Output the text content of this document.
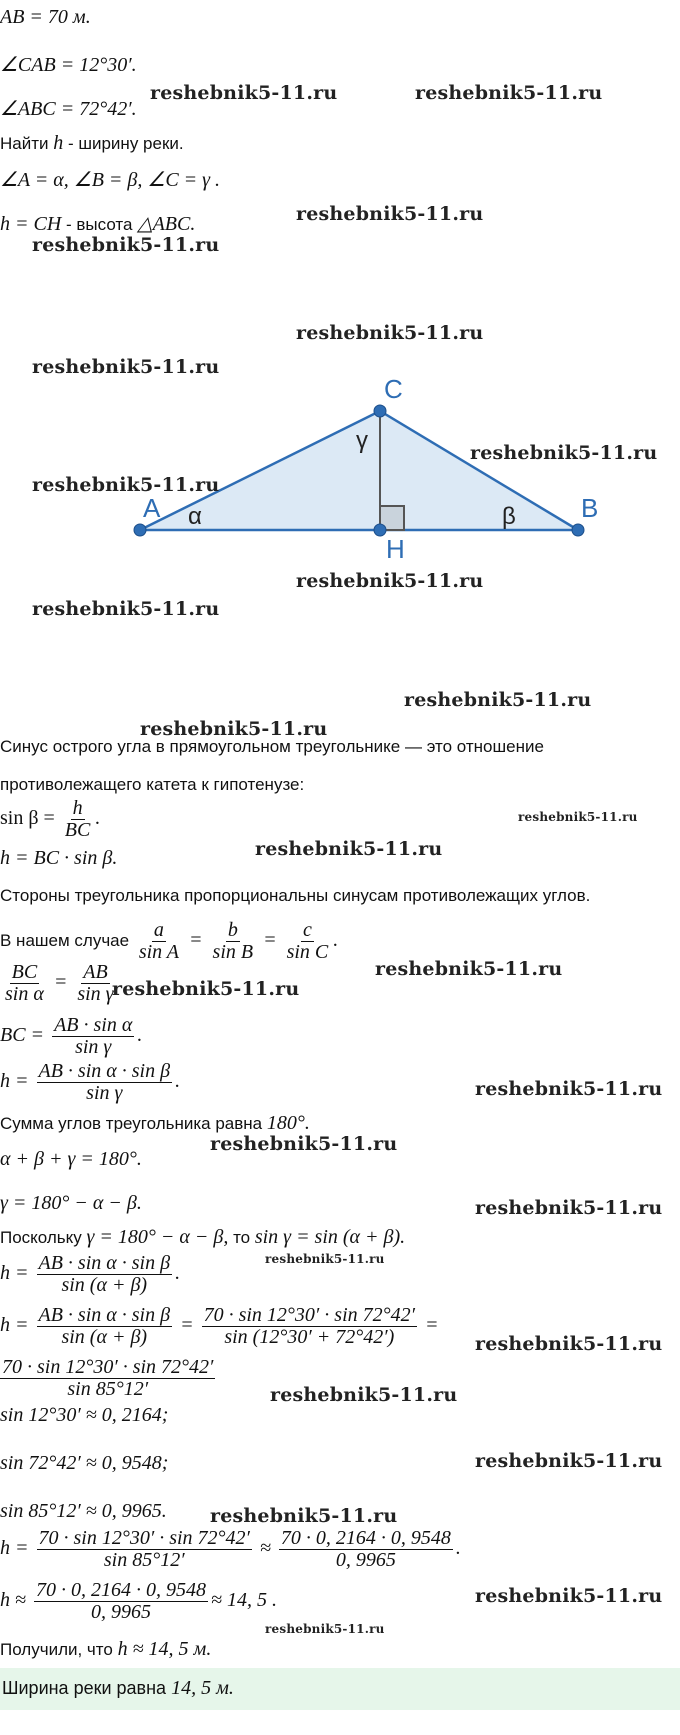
AB = 70 м.
∠CAB = 12°30′.
∠ABC = 72°42′.
Найти h - ширину реки.
∠A = α, ∠B = β, ∠C = γ .
h = CH - высота △ABC.
A	B
C
H
α	β
γ
Синус острого угла в прямоугольном треугольнике — это отношение
противолежащего катета к гипотенузе:
$\sin \beta = \frac{h}{BC}$ .
h = BC · sin β.
Стороны треугольника пропорциональны синусам противолежащих углов.
В нашем случае $\frac{a}{\text{sin A}} = \frac{b}{\text{sin B}} = \frac{c}{\text{sin C}}$ .
$\frac{BC}{\text{sin α}} = \frac{AB}{\text{sin γ}}$
BC = $\frac{\text{AB · sin α}}{\text{sin γ}}$ .
$h = \frac{\text{AB · sin α · sin β}}{\text{sin γ}}$ .
Сумма углов треугольника равна 180°.
α + β + γ = 180°.
γ = 180° − α − β.
Поскольку γ = 180° − α − β, то sin γ = sin (α + β).
$h = \frac{\text{AB · sin α · sin β}}{\sin (\alpha + \beta)}$ .
$h = \frac{\text{AB · sin α · sin β}}{\sin (\alpha + \beta)} = \frac{70 \cdot \sin 12^\circ 30' \cdot \sin 72^\circ 42'}{\sin (12^\circ 30' + 72^\circ 42')}$ =
$\frac{70 \cdot \sin 12^\circ 30' \cdot \sin 72^\circ 42'}{\sin 85^\circ 12'}$
sin 12°30′ ≈ 0, 2164;
sin 72°42′ ≈ 0, 9548;
sin 85°12′ ≈ 0, 9965.
$h = \frac{70 \cdot \sin 12^\circ 30' \cdot \sin 72^\circ 42'}{\sin 85^\circ 12'} \approx \frac{70 \cdot 0, 2164 \cdot 0, 9548}{0, 9965}$ .
$h \approx \frac{70 \cdot 0, 2164 \cdot 0, 9548}{0, 9965} \approx 14$, 5 .
Получили, что h ≈ 14, 5 м.
Ширина реки равна 14, 5 м.
reshebnik5-11.ru	reshebnik5-11.ru
reshebnik5-11.ru
reshebnik5-11.ru
reshebnik5-11.ru
reshebnik5-11.ru
reshebnik5-11.ru
reshebnik5-11.ru
reshebnik5-11.ru
reshebnik5-11.ru
reshebnik5-11.ru
reshebnik5-11.ru
reshebnik5-11.ru
reshebnik5-11.ru
reshebnik5-11.ru
reshebnik5-11.ru
reshebnik5-11.ru
reshebnik5-11.ru
reshebnik5-11.ru
reshebnik5-11.ru
reshebnik5-11.ru
reshebnik5-11.ru
reshebnik5-11.ru
reshebnik5-11.ru
reshebnik5-11.ru
reshebnik5-11.ru
